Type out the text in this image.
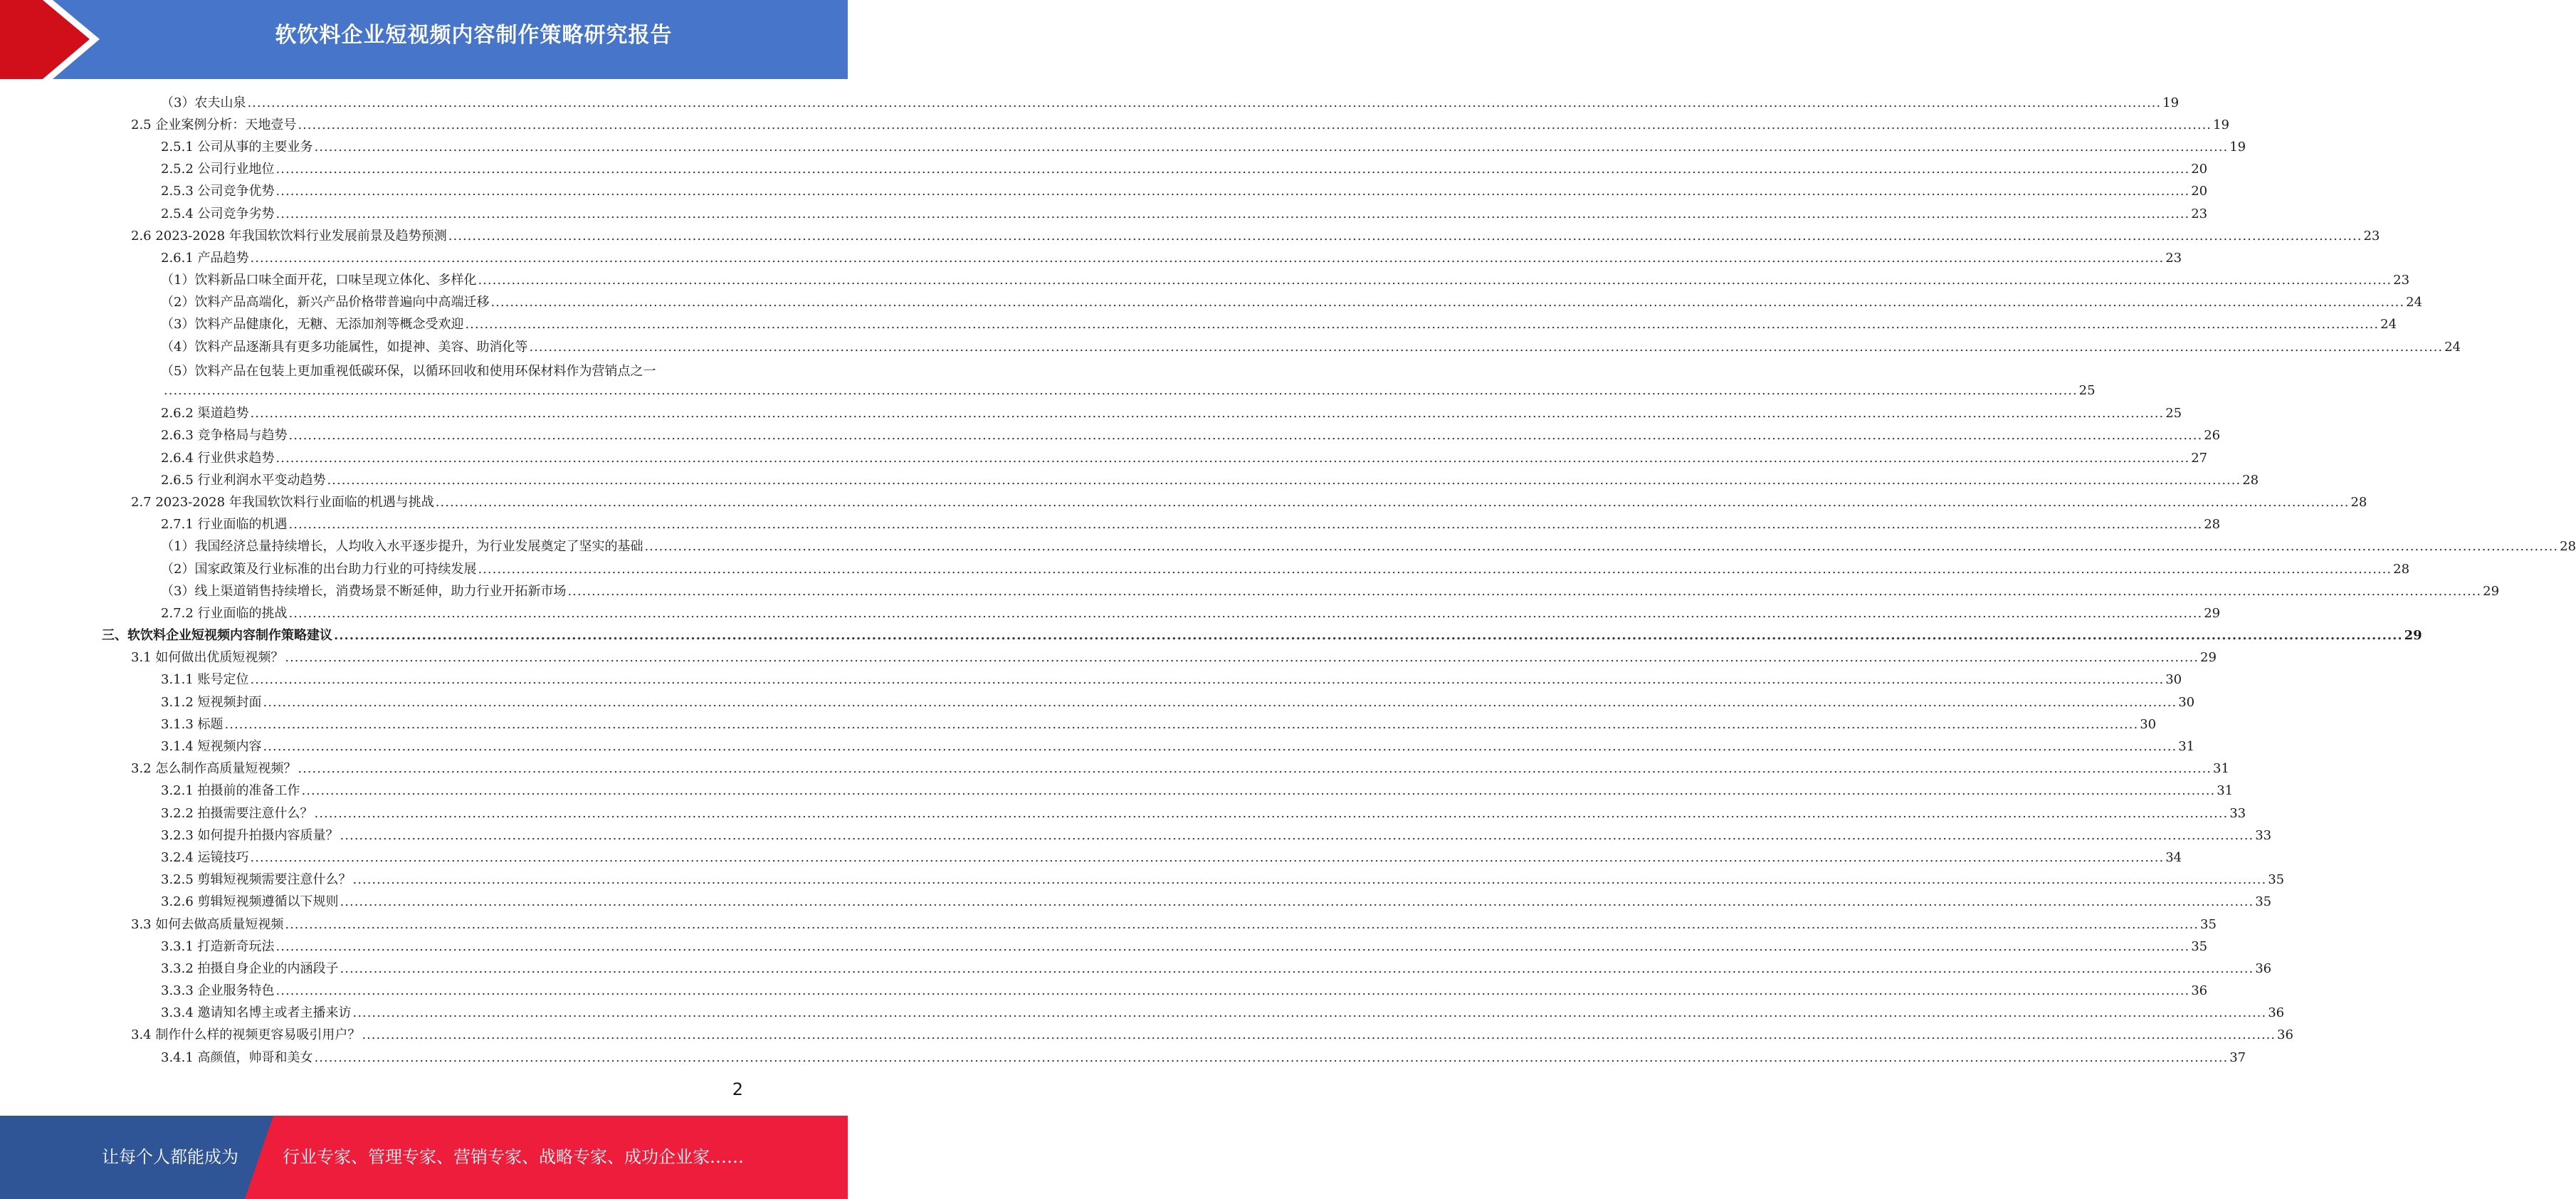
软饮料企业短视频内容制作策略研究报告
（3）农夫山泉 ................................................................................................................................................................................................................................................................................................................................................................................................................ 19
2.5 企业案例分析：天地壹号 ................................................................................................................................................................................................................................................................................................................................................................................................................ 19
2.5.1 公司从事的主要业务 ................................................................................................................................................................................................................................................................................................................................................................................................................ 19
2.5.2 公司行业地位 ................................................................................................................................................................................................................................................................................................................................................................................................................ 20
2.5.3 公司竞争优势 ................................................................................................................................................................................................................................................................................................................................................................................................................ 20
2.5.4 公司竞争劣势 ................................................................................................................................................................................................................................................................................................................................................................................................................ 23
2.6 2023-2028 年我国软饮料行业发展前景及趋势预测 ................................................................................................................................................................................................................................................................................................................................................................................................................ 23
2.6.1 产品趋势 ................................................................................................................................................................................................................................................................................................................................................................................................................ 23
（1）饮料新品口味全面开花，口味呈现立体化、多样化 ................................................................................................................................................................................................................................................................................................................................................................................................................ 23
（2）饮料产品高端化，新兴产品价格带普遍向中高端迁移 ................................................................................................................................................................................................................................................................................................................................................................................................................ 24
（3）饮料产品健康化，无糖、无添加剂等概念受欢迎 ................................................................................................................................................................................................................................................................................................................................................................................................................ 24
（4）饮料产品逐渐具有更多功能属性，如提神、美容、助消化等 ................................................................................................................................................................................................................................................................................................................................................................................................................ 24
（5）饮料产品在包装上更加重视低碳环保，以循环回收和使用环保材料作为营销点之一
................................................................................................................................................................................................................................................................................................................................................................................................................ 25
2.6.2 渠道趋势 ................................................................................................................................................................................................................................................................................................................................................................................................................ 25
2.6.3 竞争格局与趋势 ................................................................................................................................................................................................................................................................................................................................................................................................................ 26
2.6.4 行业供求趋势 ................................................................................................................................................................................................................................................................................................................................................................................................................ 27
2.6.5 行业利润水平变动趋势 ................................................................................................................................................................................................................................................................................................................................................................................................................ 28
2.7 2023-2028 年我国软饮料行业面临的机遇与挑战 ................................................................................................................................................................................................................................................................................................................................................................................................................ 28
2.7.1 行业面临的机遇 ................................................................................................................................................................................................................................................................................................................................................................................................................ 28
（1）我国经济总量持续增长，人均收入水平逐步提升，为行业发展奠定了坚实的基础 ................................................................................................................................................................................................................................................................................................................................................................................................................ 28
（2）国家政策及行业标准的出台助力行业的可持续发展 ................................................................................................................................................................................................................................................................................................................................................................................................................ 28
（3）线上渠道销售持续增长，消费场景不断延伸，助力行业开拓新市场 ................................................................................................................................................................................................................................................................................................................................................................................................................ 29
2.7.2 行业面临的挑战 ................................................................................................................................................................................................................................................................................................................................................................................................................ 29
三、软饮料企业短视频内容制作策略建议 ................................................................................................................................................................................................................................................................................................................................................................................................................ 29
3.1 如何做出优质短视频？ ................................................................................................................................................................................................................................................................................................................................................................................................................ 29
3.1.1 账号定位 ................................................................................................................................................................................................................................................................................................................................................................................................................ 30
3.1.2 短视频封面 ................................................................................................................................................................................................................................................................................................................................................................................................................ 30
3.1.3 标题 ................................................................................................................................................................................................................................................................................................................................................................................................................ 30
3.1.4 短视频内容 ................................................................................................................................................................................................................................................................................................................................................................................................................ 31
3.2 怎么制作高质量短视频？ ................................................................................................................................................................................................................................................................................................................................................................................................................ 31
3.2.1 拍摄前的准备工作 ................................................................................................................................................................................................................................................................................................................................................................................................................ 31
3.2.2 拍摄需要注意什么？ ................................................................................................................................................................................................................................................................................................................................................................................................................ 33
3.2.3 如何提升拍摄内容质量？ ................................................................................................................................................................................................................................................................................................................................................................................................................ 33
3.2.4 运镜技巧 ................................................................................................................................................................................................................................................................................................................................................................................................................ 34
3.2.5 剪辑短视频需要注意什么？ ................................................................................................................................................................................................................................................................................................................................................................................................................ 35
3.2.6 剪辑短视频遵循以下规则 ................................................................................................................................................................................................................................................................................................................................................................................................................ 35
3.3 如何去做高质量短视频 ................................................................................................................................................................................................................................................................................................................................................................................................................ 35
3.3.1 打造新奇玩法 ................................................................................................................................................................................................................................................................................................................................................................................................................ 35
3.3.2 拍摄自身企业的内涵段子 ................................................................................................................................................................................................................................................................................................................................................................................................................ 36
3.3.3 企业服务特色 ................................................................................................................................................................................................................................................................................................................................................................................................................ 36
3.3.4 邀请知名博主或者主播来访 ................................................................................................................................................................................................................................................................................................................................................................................................................ 36
3.4 制作什么样的视频更容易吸引用户？ ................................................................................................................................................................................................................................................................................................................................................................................................................ 36
3.4.1 高颜值，帅哥和美女 ................................................................................................................................................................................................................................................................................................................................................................................................................ 37
2
让每个人都能成为	行业专家、管理专家、营销专家、战略专家、成功企业家……
